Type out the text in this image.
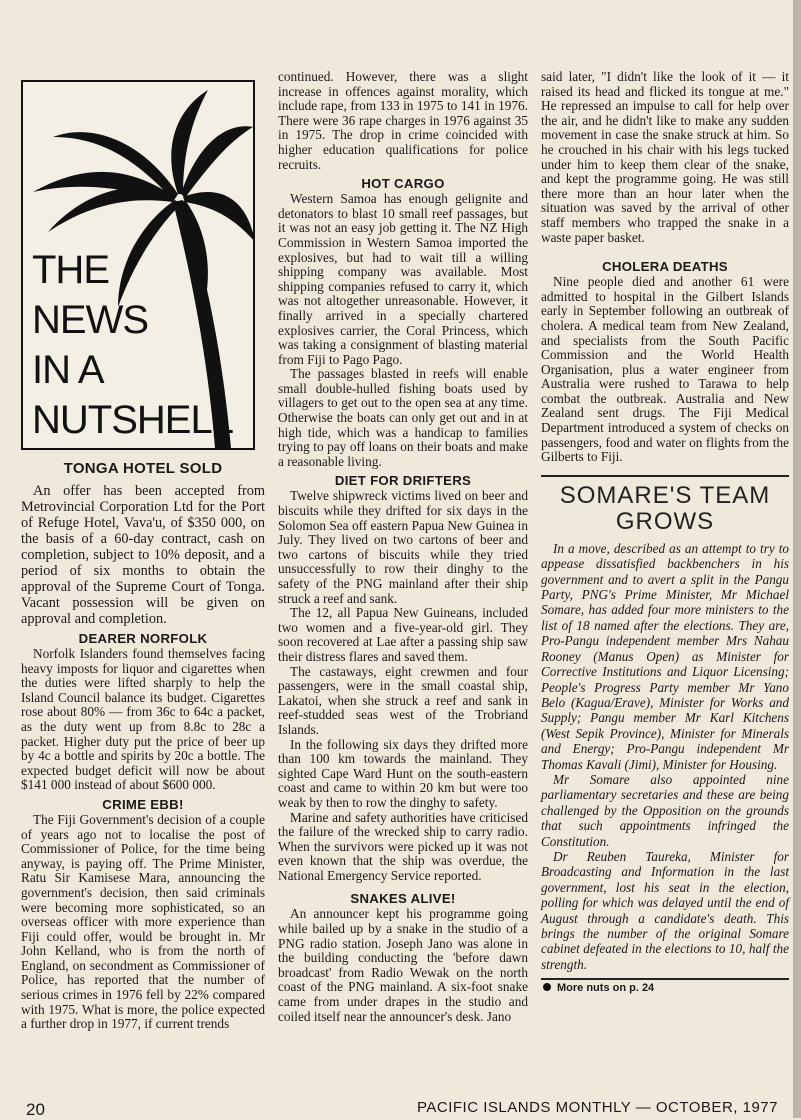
THE
NEWS
IN A
NUTSHELL
TONGA HOTEL SOLD

An offer has been accepted from Metrovincial Corporation Ltd for the Port of Refuge Hotel, Vava'u, of $350 000, on the basis of a 60-day contract, cash on completion, subject to 10% deposit, and a period of six months to obtain the approval of the Supreme Court of Tonga. Vacant possession will be given on approval and completion.

DEARER NORFOLK

Norfolk Islanders found themselves facing heavy imposts for liquor and cigarettes when the duties were lifted sharply to help the Island Council balance its budget. Cigarettes rose about 80% — from 36c to 64c a packet, as the duty went up from 8.8c to 28c a packet. Higher duty put the price of beer up by 4c a bottle and spirits by 20c a bottle. The expected budget deficit will now be about $141 000 instead of about $600 000.

CRIME EBB!

The Fiji Government's decision of a couple of years ago not to localise the post of Commissioner of Police, for the time being anyway, is paying off. The Prime Minister, Ratu Sir Kamisese Mara, announcing the government's decision, then said criminals were becoming more sophisticated, so an overseas officer with more experience than Fiji could offer, would be brought in. Mr John Kelland, who is from the north of England, on secondment as Commissioner of Police, has reported that the number of serious crimes in 1976 fell by 22% compared with 1975. What is more, the police expected a further drop in 1977, if current trends

continued. However, there was a slight increase in offences against morality, which include rape, from 133 in 1975 to 141 in 1976. There were 36 rape charges in 1976 against 35 in 1975. The drop in crime coincided with higher education qualifications for police recruits.

HOT CARGO

Western Samoa has enough gelignite and detonators to blast 10 small reef passages, but it was not an easy job getting it. The NZ High Commission in Western Samoa imported the explosives, but had to wait till a willing shipping company was available. Most shipping companies refused to carry it, which was not altogether unreasonable. However, it finally arrived in a specially chartered explosives carrier, the Coral Princess, which was taking a consignment of blasting material from Fiji to Pago Pago.

The passages blasted in reefs will enable small double-hulled fishing boats used by villagers to get out to the open sea at any time. Otherwise the boats can only get out and in at high tide, which was a handicap to families trying to pay off loans on their boats and make a reasonable living.

DIET FOR DRIFTERS

Twelve shipwreck victims lived on beer and biscuits while they drifted for six days in the Solomon Sea off eastern Papua New Guinea in July. They lived on two cartons of beer and two cartons of biscuits while they tried unsuccessfully to row their dinghy to the safety of the PNG mainland after their ship struck a reef and sank.

The 12, all Papua New Guineans, included two women and a five-year-old girl. They soon recovered at Lae after a passing ship saw their distress flares and saved them.

The castaways, eight crewmen and four passengers, were in the small coastal ship, Lakatoi, when she struck a reef and sank in reef-studded seas west of the Trobriand Islands.

In the following six days they drifted more than 100 km towards the mainland. They sighted Cape Ward Hunt on the south-eastern coast and came to within 20 km but were too weak by then to row the dinghy to safety.

Marine and safety authorities have criticised the failure of the wrecked ship to carry radio. When the survivors were picked up it was not even known that the ship was overdue, the National Emergency Service reported.

SNAKES ALIVE!

An announcer kept his programme going while bailed up by a snake in the studio of a PNG radio station. Joseph Jano was alone in the building conducting the 'before dawn broadcast' from Radio Wewak on the north coast of the PNG mainland. A six-foot snake came from under drapes in the studio and coiled itself near the announcer's desk. Jano

said later, "I didn't like the look of it — it raised its head and flicked its tongue at me." He repressed an impulse to call for help over the air, and he didn't like to make any sudden movement in case the snake struck at him. So he crouched in his chair with his legs tucked under him to keep them clear of the snake, and kept the programme going. He was still there more than an hour later when the situation was saved by the arrival of other staff members who trapped the snake in a waste paper basket.

CHOLERA DEATHS

Nine people died and another 61 were admitted to hospital in the Gilbert Islands early in September following an outbreak of cholera. A medical team from New Zealand, and specialists from the South Pacific Commission and the World Health Organisation, plus a water engineer from Australia were rushed to Tarawa to help combat the outbreak. Australia and New Zealand sent drugs. The Fiji Medical Department introduced a system of checks on passengers, food and water on flights from the Gilberts to Fiji.

SOMARE'S TEAM GROWS

In a move, described as an attempt to try to appease dissatisfied backbenchers in his government and to avert a split in the Pangu Party, PNG's Prime Minister, Mr Michael Somare, has added four more ministers to the list of 18 named after the elections. They are, Pro-Pangu independent member Mrs Nahau Rooney (Manus Open) as Minister for Corrective Institutions and Liquor Licensing; People's Progress Party member Mr Yano Belo (Kagua/Erave), Minister for Works and Supply; Pangu member Mr Karl Kitchens (West Sepik Province), Minister for Minerals and Energy; Pro-Pangu independent Mr Thomas Kavali (Jimi), Minister for Housing.

Mr Somare also appointed nine parliamentary secretaries and these are being challenged by the Opposition on the grounds that such appointments infringed the Constitution.

Dr Reuben Taureka, Minister for Broadcasting and Information in the last government, lost his seat in the election, polling for which was delayed until the end of August through a candidate's death. This brings the number of the original Somare cabinet defeated in the elections to 10, half the strength.

More nuts on p. 24
20	PACIFIC ISLANDS MONTHLY — OCTOBER, 1977
